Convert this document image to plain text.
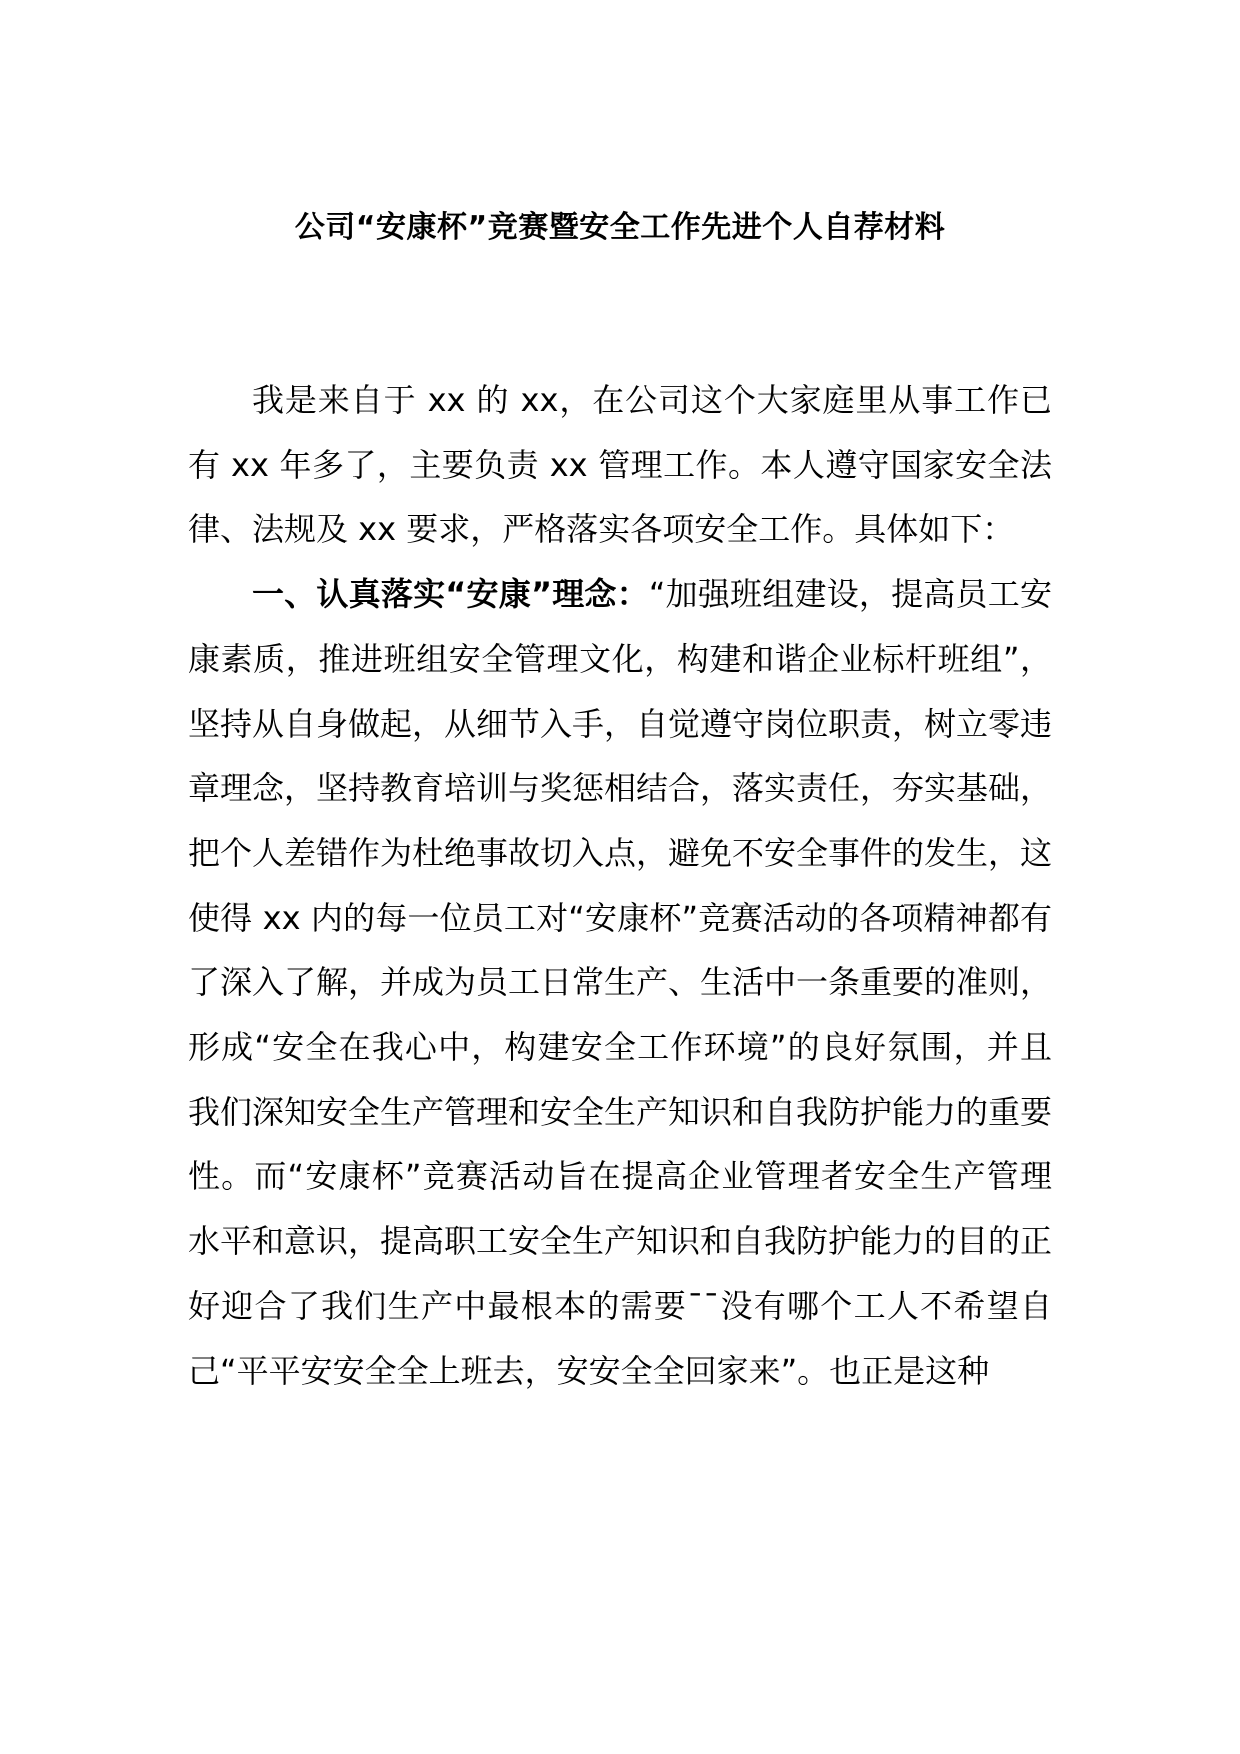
公司“安康杯”竞赛暨安全工作先进个人自荐材料

我是来自于 xx 的 xx，在公司这个大家庭里从事工作已有 xx 年多了，主要负责 xx 管理工作。本人遵守国家安全法律、法规及 xx 要求，严格落实各项安全工作。具体如下：

一、认真落实“安康”理念：“加强班组建设，提高员工安康素质，推进班组安全管理文化，构建和谐企业标杆班组”，坚持从自身做起，从细节入手，自觉遵守岗位职责，树立零违章理念，坚持教育培训与奖惩相结合，落实责任，夯实基础，把个人差错作为杜绝事故切入点，避免不安全事件的发生，这使得 xx 内的每一位员工对“安康杯”竞赛活动的各项精神都有了深入了解，并成为员工日常生产、生活中一条重要的准则，形成“安全在我心中，构建安全工作环境”的良好氛围，并且我们深知安全生产管理和安全生产知识和自我防护能力的重要性。而“安康杯”竞赛活动旨在提高企业管理者安全生产管理水平和意识，提高职工安全生产知识和自我防护能力的目的正好迎合了我们生产中最根本的需要¯¯没有哪个工人不希望自己“平平安安全全上班去，安安全全回家来”。也正是这种
